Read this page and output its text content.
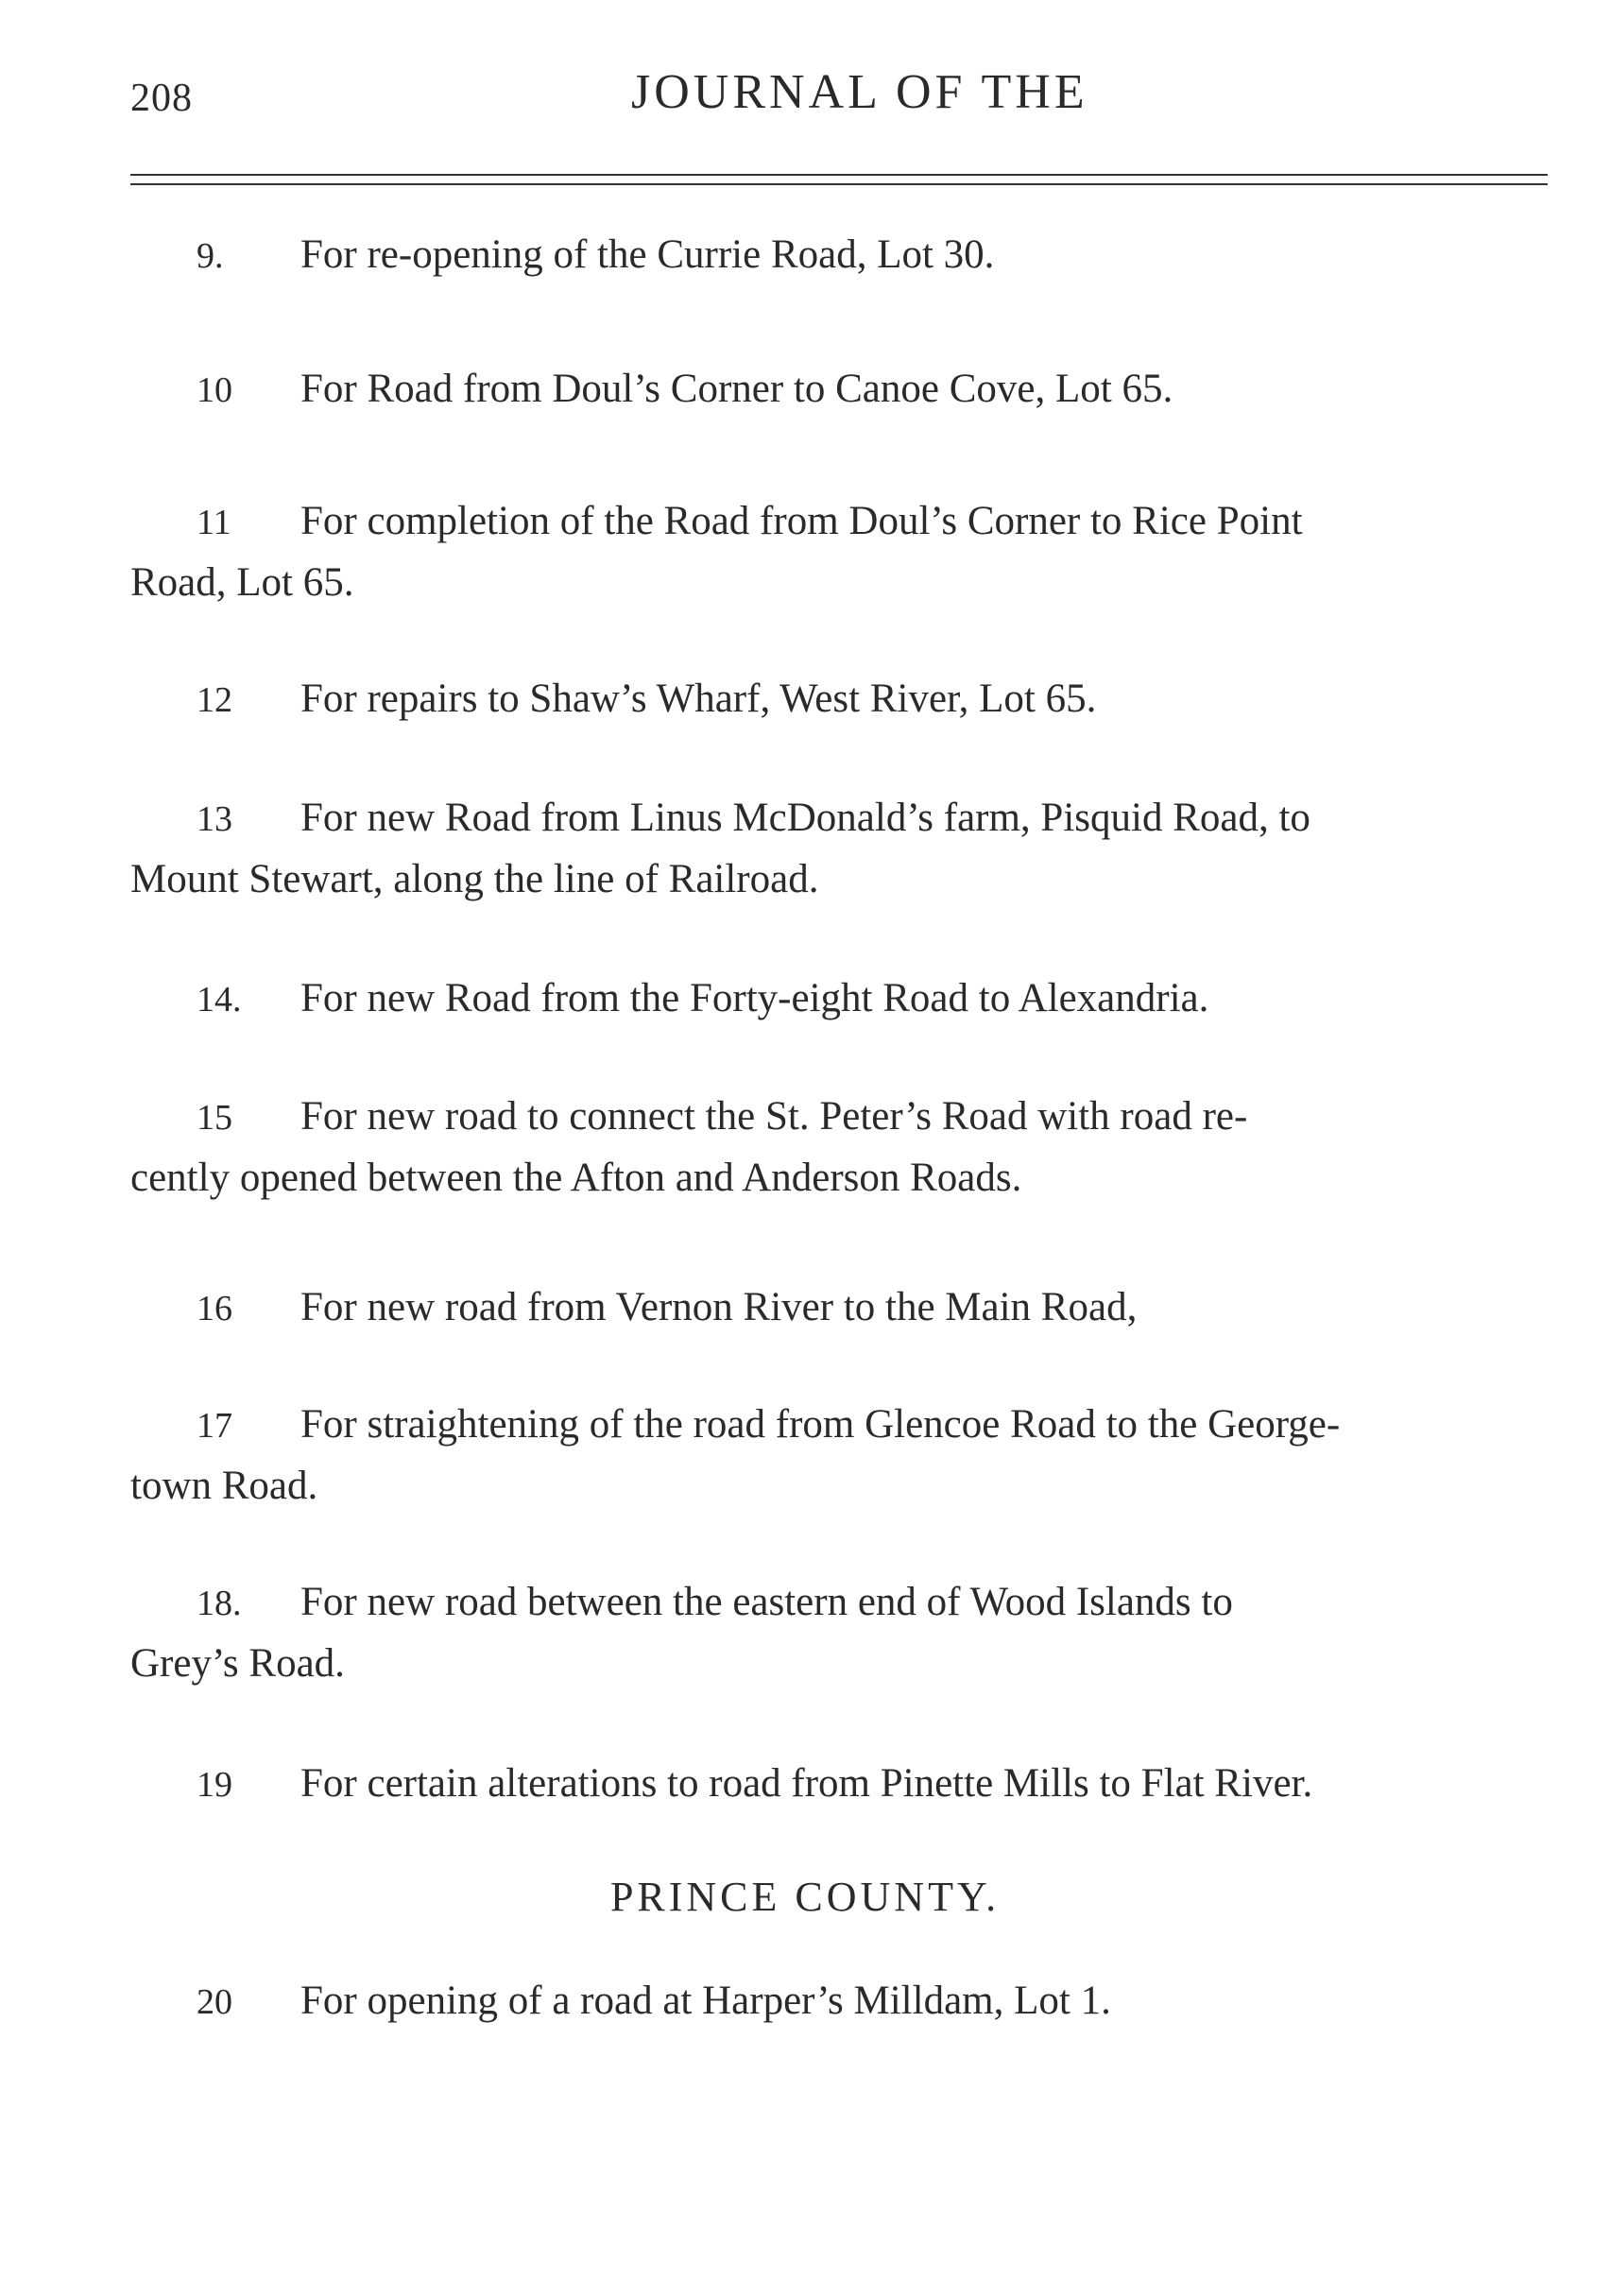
208	JOURNAL OF THE
9. For re-opening of the Currie Road, Lot 30.
10 For Road from Doul’s Corner to Canoe Cove, Lot 65.
11 For completion of the Road from Doul’s Corner to Rice Point
Road, Lot 65.
12 For repairs to Shaw’s Wharf, West River, Lot 65.
13 For new Road from Linus McDonald’s farm, Pisquid Road, to
Mount Stewart, along the line of Railroad.
14. For new Road from the Forty-eight Road to Alexandria.
15 For new road to connect the St. Peter’s Road with road re-
cently opened between the Afton and Anderson Roads.
16 For new road from Vernon River to the Main Road,
17 For straightening of the road from Glencoe Road to the George-
town Road.
18. For new road between the eastern end of Wood Islands to
Grey’s Road.
19 For certain alterations to road from Pinette Mills to Flat River.
PRINCE COUNTY.
20 For opening of a road at Harper’s Milldam, Lot 1.
